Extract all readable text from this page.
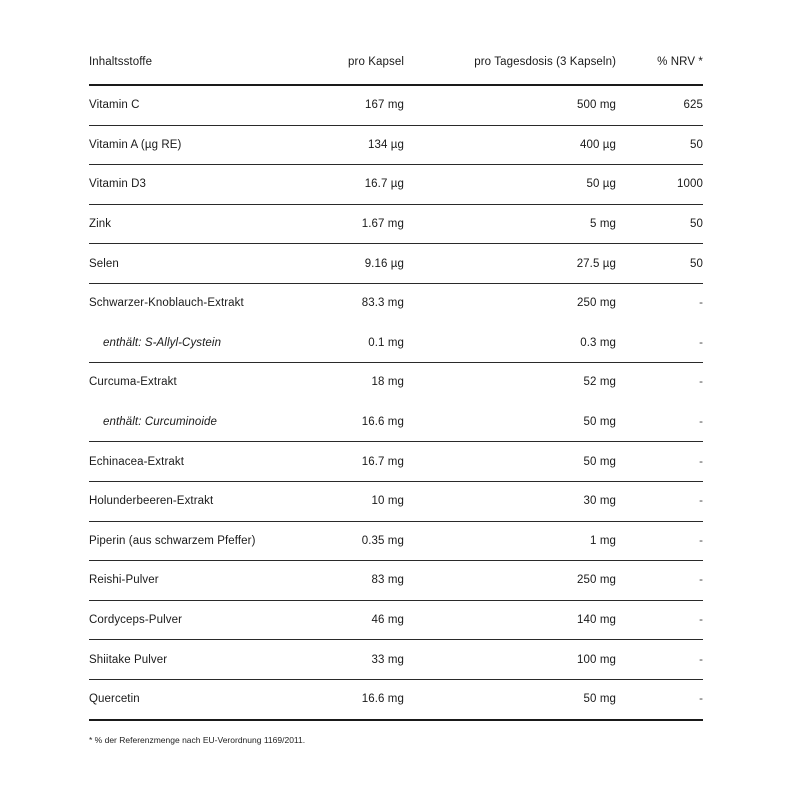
Inhaltsstoffe	pro Kapsel	pro Tagesdosis (3 Kapseln)	% NRV *
Vitamin C	167 mg	500 mg	625
Vitamin A (µg RE)	134 µg	400 µg	50
Vitamin D3	16.7 µg	50 µg	1000
Zink	1.67 mg	5 mg	50
Selen	9.16 µg	27.5 µg	50
Schwarzer-Knoblauch-Extrakt	83.3 mg	250 mg	-
enthält: S-Allyl-Cystein	0.1 mg	0.3 mg	-
Curcuma-Extrakt	18 mg	52 mg	-
enthält: Curcuminoide	16.6 mg	50 mg	-
Echinacea-Extrakt	16.7 mg	50 mg	-
Holunderbeeren-Extrakt	10 mg	30 mg	-
Piperin (aus schwarzem Pfeffer)	0.35 mg	1 mg	-
Reishi-Pulver	83 mg	250 mg	-
Cordyceps-Pulver	46 mg	140 mg	-
Shiitake Pulver	33 mg	100 mg	-
Quercetin	16.6 mg	50 mg	-
* % der Referenzmenge nach EU-Verordnung 1169/2011.
